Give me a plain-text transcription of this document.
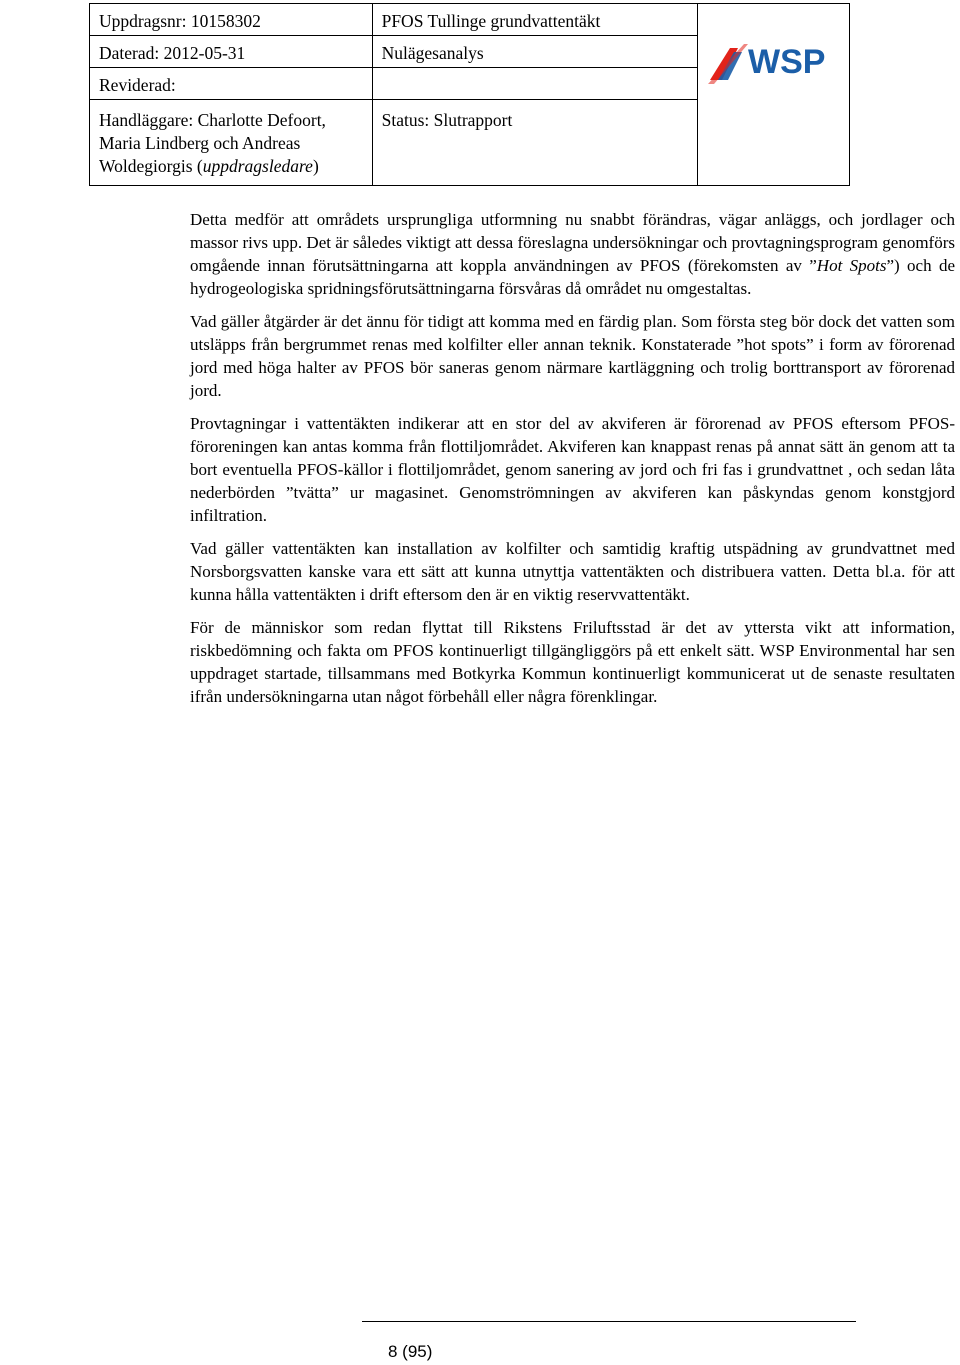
Uppdragsnr: 10158302	PFOS Tullinge grundvattentäkt	WSP

Daterad: 2012-05-31	Nulägesanalys	
Reviderad:		
Handläggare: Charlotte Defoort, Maria Lindberg och Andreas Woldegiorgis (uppdragsledare)	Status: Slutrapport	

Detta medför att områdets ursprungliga utformning nu snabbt förändras, vägar anläggs, och jordlager och massor rivs upp. Det är således viktigt att dessa föreslagna undersökningar och provtagningsprogram genomförs omgående innan förutsättningarna att koppla användningen av PFOS (förekomsten av ”Hot Spots”) och de hydrogeologiska spridningsförutsättningarna försvåras då området nu omgestaltas.

Vad gäller åtgärder är det ännu för tidigt att komma med en färdig plan. Som första steg bör dock det vatten som utsläpps från bergrummet renas med kolfilter eller annan teknik. Konstaterade ”hot spots” i form av förorenad jord med höga halter av PFOS bör saneras genom närmare kartläggning och trolig borttransport av förorenad jord.

Provtagningar i vattentäkten indikerar att en stor del av akviferen är förorenad av PFOS eftersom PFOS-föroreningen kan antas komma från flottiljområdet. Akviferen kan knappast renas på annat sätt än genom att ta bort eventuella PFOS-källor i flottiljområdet, genom sanering av jord och fri fas i grundvattnet , och sedan låta nederbörden ”tvätta” ur magasinet. Genomströmningen av akviferen kan påskyndas genom konstgjord infiltration.

Vad gäller vattentäkten kan installation av kolfilter och samtidig kraftig utspädning av grundvattnet med Norsborgsvatten kanske vara ett sätt att kunna utnyttja vattentäkten och distribuera vatten. Detta bl.a. för att kunna hålla vattentäkten i drift eftersom den är en viktig reservvattentäkt.

För de människor som redan flyttat till Rikstens Friluftsstad är det av yttersta vikt att information, riskbedömning och fakta om PFOS kontinuerligt tillgängliggörs på ett enkelt sätt. WSP Environmental har sen uppdraget startade, tillsammans med Botkyrka Kommun kontinuerligt kommunicerat ut de senaste resultaten ifrån undersökningarna utan något förbehåll eller några förenklingar.

8 (95)
